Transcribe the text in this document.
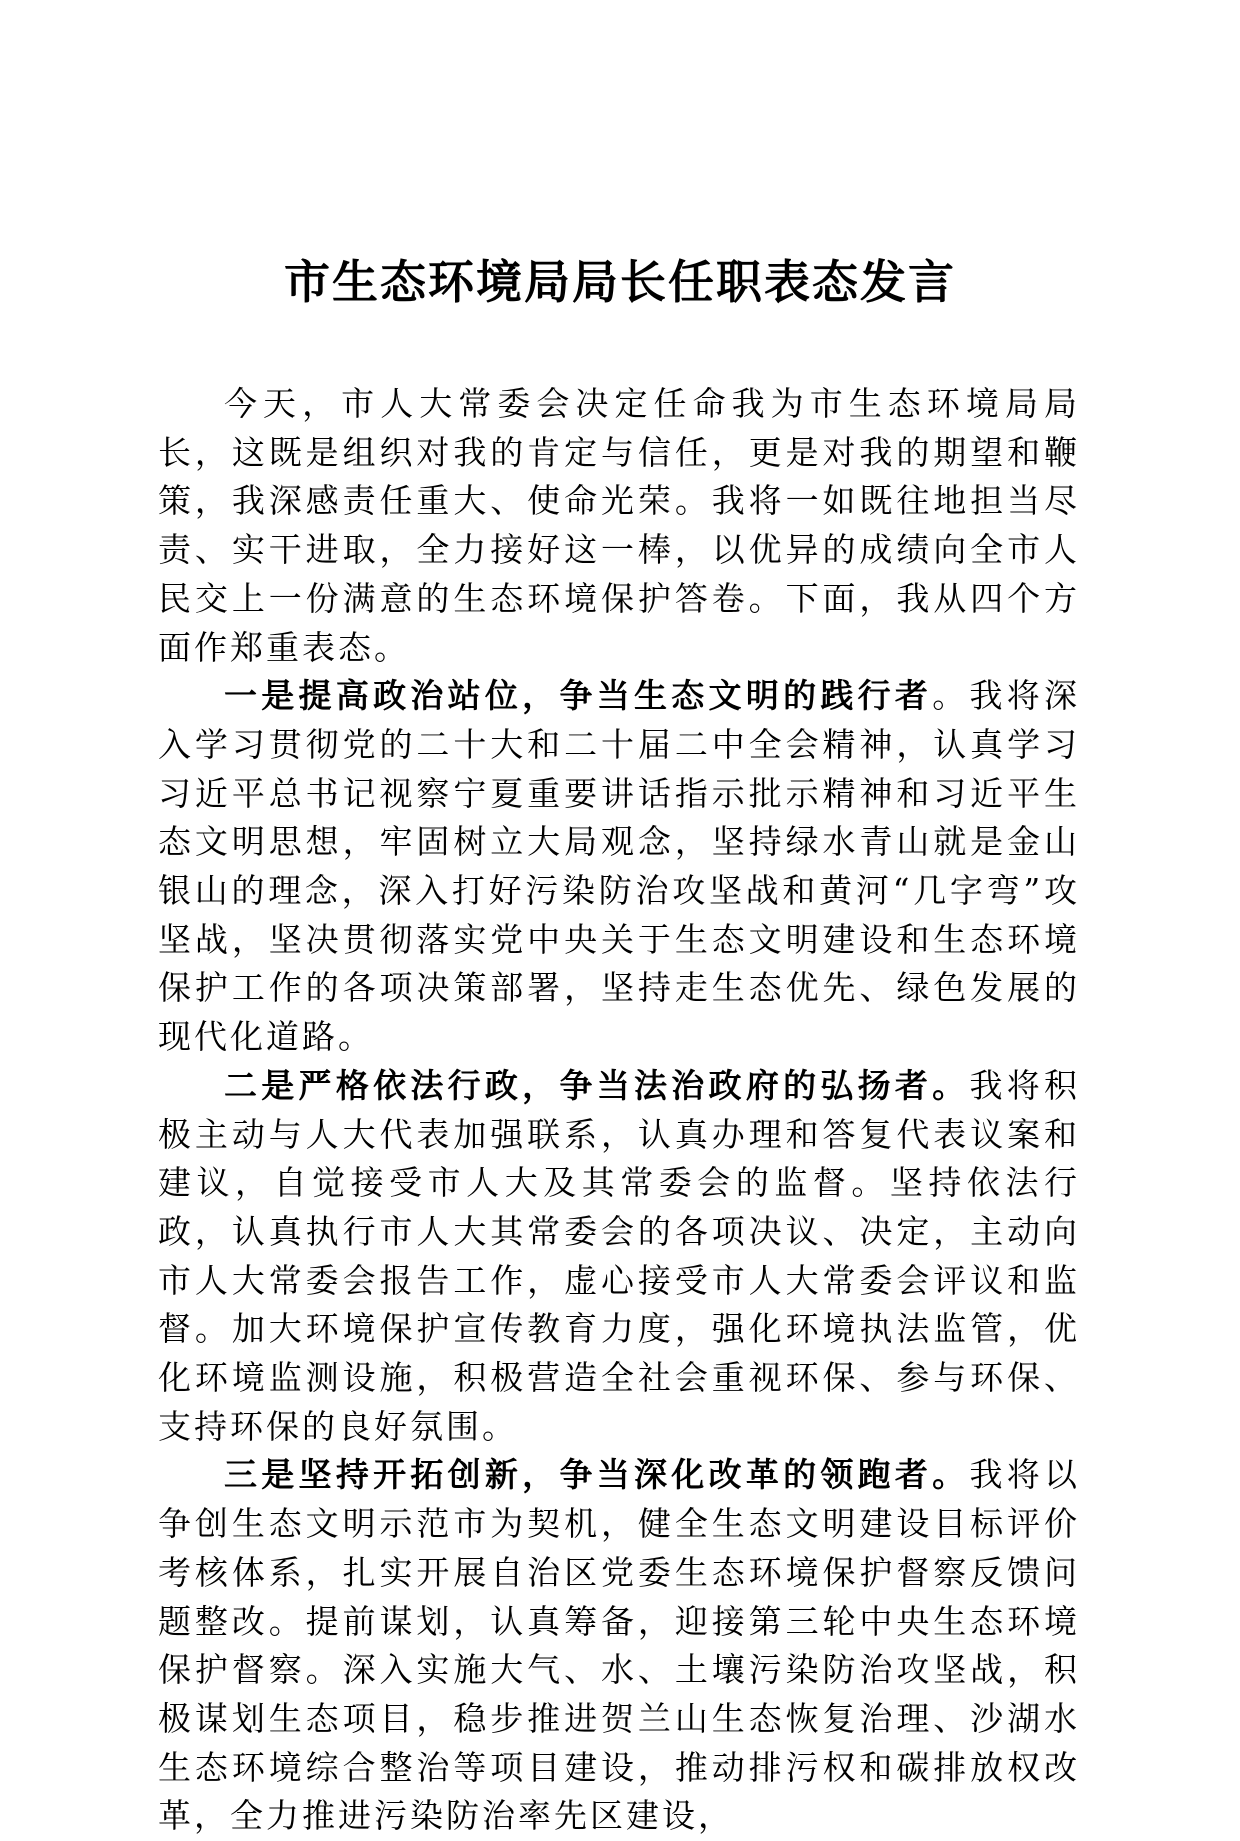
市生态环境局局长任职表态发言

今天，市人大常委会决定任命我为市生态环境局局长，这既是组织对我的肯定与信任，更是对我的期望和鞭策，我深感责任重大、使命光荣。我将一如既往地担当尽责、实干进取，全力接好这一棒，以优异的成绩向全市人民交上一份满意的生态环境保护答卷。下面，我从四个方面作郑重表态。

一是提高政治站位，争当生态文明的践行者。我将深入学习贯彻党的二十大和二十届二中全会精神，认真学习习近平总书记视察宁夏重要讲话指示批示精神和习近平生态文明思想，牢固树立大局观念，坚持绿水青山就是金山银山的理念，深入打好污染防治攻坚战和黄河“几字弯”攻坚战，坚决贯彻落实党中央关于生态文明建设和生态环境保护工作的各项决策部署，坚持走生态优先、绿色发展的现代化道路。

二是严格依法行政，争当法治政府的弘扬者。我将积极主动与人大代表加强联系，认真办理和答复代表议案和建议，自觉接受市人大及其常委会的监督。坚持依法行政，认真执行市人大其常委会的各项决议、决定，主动向市人大常委会报告工作，虚心接受市人大常委会评议和监督。加大环境保护宣传教育力度，强化环境执法监管，优化环境监测设施，积极营造全社会重视环保、参与环保、支持环保的良好氛围。

三是坚持开拓创新，争当深化改革的领跑者。我将以争创生态文明示范市为契机，健全生态文明建设目标评价考核体系，扎实开展自治区党委生态环境保护督察反馈问题整改。提前谋划，认真筹备，迎接第三轮中央生态环境保护督察。深入实施大气、水、土壤污染防治攻坚战，积极谋划生态项目，稳步推进贺兰山生态恢复治理、沙湖水生态环境综合整治等项目建设，推动排污权和碳排放权改革，全力推进污染防治率先区建设，
